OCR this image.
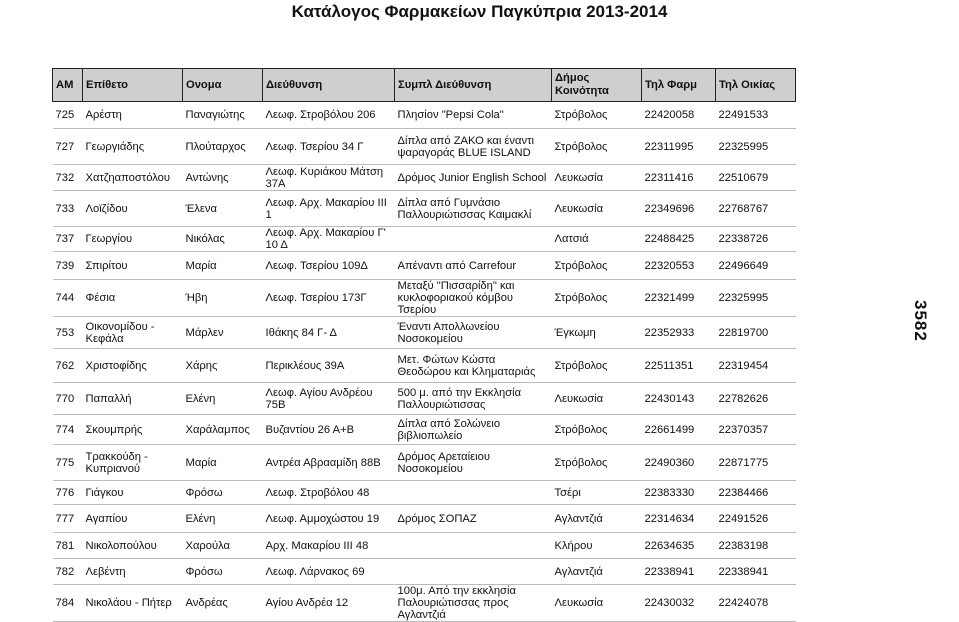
Κατάλογος Φαρμακείων Παγκύπρια 2013-2014
3582
ΑΜ	Επίθετο	Ονομα	Διεύθυνση	Συμπλ Διεύθυνση	Δήμος Κοινότητα	Τηλ Φαρμ	Τηλ Οικίας
725	Αρέστη	Παναγιώτης	Λεωφ. Στροβόλου 206	Πλησίον "Pepsi Cola"	Στρόβολος	22420058	22491533
727	Γεωργιάδης	Πλούταρχος	Λεωφ. Τσερίου 34 Γ	Δίπλα από ΖΑΚΟ και έναντι ψαραγοράς BLUE ISLAND	Στρόβολος	22311995	22325995
732	Χατζηαποστόλου	Αντώνης	Λεωφ. Κυριάκου Μάτση 37Α	Δρόμος Junior English School	Λευκωσία	22311416	22510679
733	Λοϊζίδου	Έλενα	Λεωφ. Αρχ. Μακαρίου ΙΙΙ 1	Δίπλα από Γυμνάσιο Παλλουριώτισσας Καιμακλί	Λευκωσία	22349696	22768767
737	Γεωργίου	Νικόλας	Λεωφ. Αρχ. Μακαρίου Γ' 10 Δ		Λατσιά	22488425	22338726
739	Σπιρίτου	Μαρία	Λεωφ. Τσερίου 109Δ	Απέναντι από Carrefour	Στρόβολος	22320553	22496649
744	Φέσια	Ήβη	Λεωφ. Τσερίου 173Γ	Μεταξύ "Πισσαρίδη" και κυκλοφοριακού κόμβου Τσερίου	Στρόβολος	22321499	22325995
753	Οικονομίδου - Κεφάλα	Μάρλεν	Ιθάκης 84 Γ- Δ	Έναντι Απολλωνείου Νοσοκομείου	Έγκωμη	22352933	22819700
762	Χριστοφίδης	Χάρης	Περικλέους 39Α	Μετ. Φώτων Κώστα Θεοδώρου και Κληματαριάς	Στρόβολος	22511351	22319454
770	Παπαλλή	Ελένη	Λεωφ. Αγίου Ανδρέου 75Β	500 μ. από την Εκκλησία Παλλουριώτισσας	Λευκωσία	22430143	22782626
774	Σκουμπρής	Χαράλαμπος	Βυζαντίου 26 Α+Β	Δίπλα από Σολώνειο βιβλιοπωλείο	Στρόβολος	22661499	22370357
775	Τρακκούδη - Κυπριανού	Μαρία	Αντρέα Αβρααμίδη 88Β	Δρόμος Αρεταίειου Νοσοκομείου	Στρόβολος	22490360	22871775
776	Γιάγκου	Φρόσω	Λεωφ. Στροβόλου 48		Τσέρι	22383330	22384466
777	Αγαπίου	Ελένη	Λεωφ. Αμμοχώστου 19	Δρόμος ΣΟΠΑΖ	Αγλαντζιά	22314634	22491526
781	Νικολοπούλου	Χαρούλα	Αρχ. Μακαρίου ΙΙΙ 48		Κλήρου	22634635	22383198
782	Λεβέντη	Φρόσω	Λεωφ. Λάρνακος 69		Αγλαντζιά	22338941	22338941
784	Νικολάου - Πήτερ	Ανδρέας	Αγίου Ανδρέα 12	100μ. Από την εκκλησία Παλουριώτισσας προς Αγλαντζιά	Λευκωσία	22430032	22424078
